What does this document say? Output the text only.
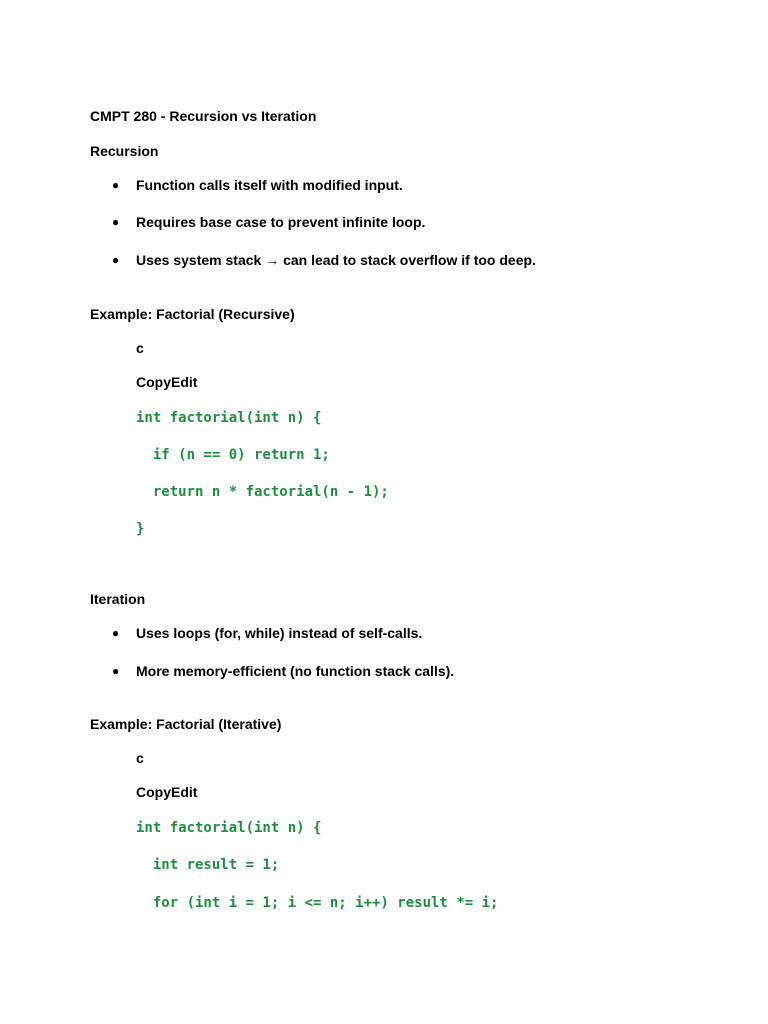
CMPT 280 - Recursion vs Iteration
Recursion
● Function calls itself with modified input.
● Requires base case to prevent infinite loop.
● Uses system stack → can lead to stack overflow if too deep.
Example: Factorial (Recursive)
c
CopyEdit
int factorial(int n) {
if (n == 0) return 1;
return n * factorial(n - 1);
}
Iteration
● Uses loops (for, while) instead of self-calls.
● More memory-efficient (no function stack calls).
Example: Factorial (Iterative)
c
CopyEdit
int factorial(int n) {
int result = 1;
for (int i = 1; i <= n; i++) result *= i;
